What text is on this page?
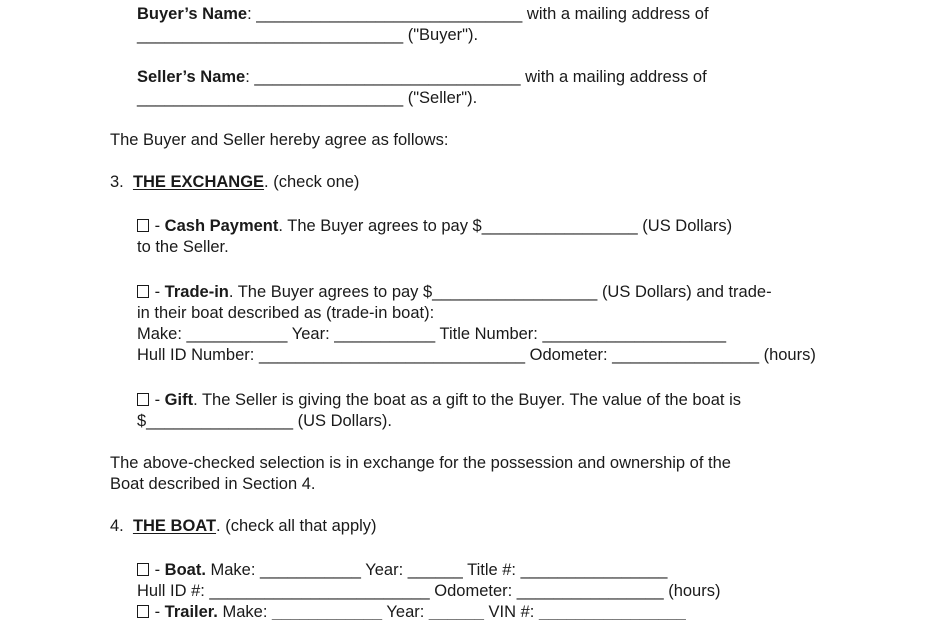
Buyer’s Name: _____________________________ with a mailing address of
_____________________________ ("Buyer").
Seller’s Name: _____________________________ with a mailing address of
_____________________________ ("Seller").
The Buyer and Seller hereby agree as follows:
3.  THE EXCHANGE. (check one)
- Cash Payment. The Buyer agrees to pay $_________________ (US Dollars)
to the Seller.
- Trade-in. The Buyer agrees to pay $__________________ (US Dollars) and trade-
in their boat described as (trade-in boat):
Make: ___________ Year: ___________ Title Number: ____________________
Hull ID Number: _____________________________ Odometer: ________________ (hours)
- Gift. The Seller is giving the boat as a gift to the Buyer. The value of the boat is
$________________ (US Dollars).
The above-checked selection is in exchange for the possession and ownership of the
Boat described in Section 4.
4.  THE BOAT. (check all that apply)
- Boat. Make: ___________ Year: ______ Title #: ________________
Hull ID #: ________________________ Odometer: ________________ (hours)
- Trailer. Make: ____________ Year: ______ VIN #: ________________
